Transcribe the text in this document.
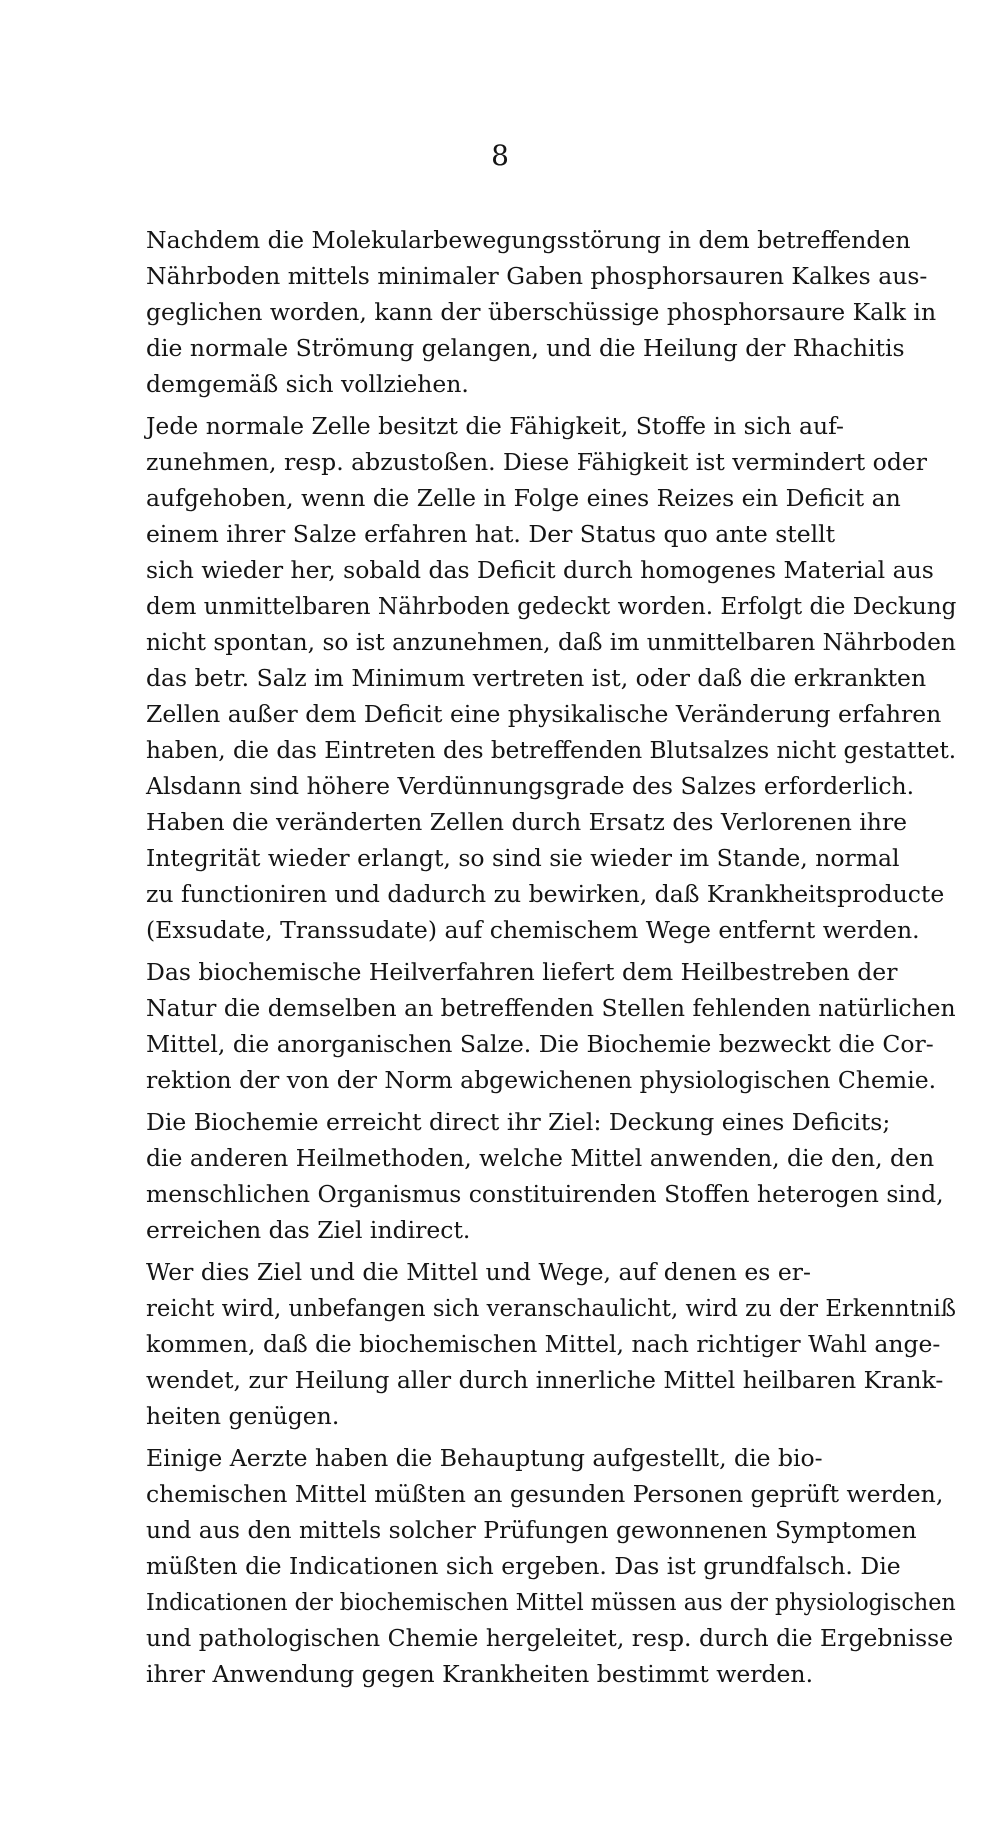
8

Nachdem die Molekularbewegungsstörung in dem betreffenden
Nährboden mittels minimaler Gaben phosphorsauren Kalkes aus-
geglichen worden, kann der überschüssige phosphorsaure Kalk in
die normale Strömung gelangen, und die Heilung der Rhachitis
demgemäß sich vollziehen.

Jede normale Zelle besitzt die Fähigkeit, Stoffe in sich auf-
zunehmen, resp. abzustoßen. Diese Fähigkeit ist vermindert oder
aufgehoben, wenn die Zelle in Folge eines Reizes ein Deficit an
einem ihrer Salze erfahren hat. Der Status quo ante stellt
sich wieder her, sobald das Deficit durch homogenes Material aus
dem unmittelbaren Nährboden gedeckt worden. Erfolgt die Deckung
nicht spontan, so ist anzunehmen, daß im unmittelbaren Nährboden
das betr. Salz im Minimum vertreten ist, oder daß die erkrankten
Zellen außer dem Deficit eine physikalische Veränderung erfahren
haben, die das Eintreten des betreffenden Blutsalzes nicht gestattet.
Alsdann sind höhere Verdünnungsgrade des Salzes erforderlich.
Haben die veränderten Zellen durch Ersatz des Verlorenen ihre
Integrität wieder erlangt, so sind sie wieder im Stande, normal
zu functioniren und dadurch zu bewirken, daß Krankheitsproducte
(Exsudate, Transsudate) auf chemischem Wege entfernt werden.

Das biochemische Heilverfahren liefert dem Heilbestreben der
Natur die demselben an betreffenden Stellen fehlenden natürlichen
Mittel, die anorganischen Salze. Die Biochemie bezweckt die Cor-
rektion der von der Norm abgewichenen physiologischen Chemie.

Die Biochemie erreicht direct ihr Ziel: Deckung eines Deficits;
die anderen Heilmethoden, welche Mittel anwenden, die den, den
menschlichen Organismus constituirenden Stoffen heterogen sind,
erreichen das Ziel indirect.

Wer dies Ziel und die Mittel und Wege, auf denen es er-
reicht wird, unbefangen sich veranschaulicht, wird zu der Erkenntniß
kommen, daß die biochemischen Mittel, nach richtiger Wahl ange-
wendet, zur Heilung aller durch innerliche Mittel heilbaren Krank-
heiten genügen.

Einige Aerzte haben die Behauptung aufgestellt, die bio-
chemischen Mittel müßten an gesunden Personen geprüft werden,
und aus den mittels solcher Prüfungen gewonnenen Symptomen
müßten die Indicationen sich ergeben. Das ist grundfalsch. Die
Indicationen der biochemischen Mittel müssen aus der physiologischen
und pathologischen Chemie hergeleitet, resp. durch die Ergebnisse
ihrer Anwendung gegen Krankheiten bestimmt werden.
